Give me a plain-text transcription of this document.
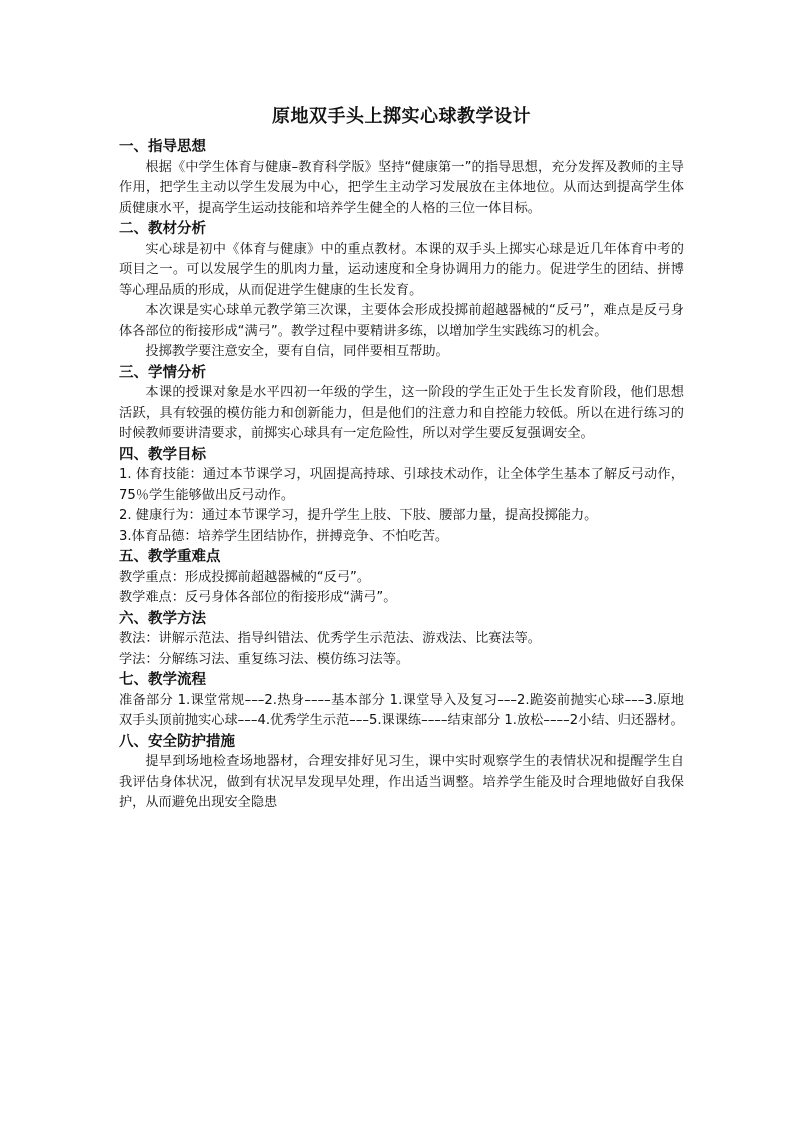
原地双手头上掷实心球教学设计

一、指导思想

根据《中学生体育与健康–教育科学版》坚持“健康第一”的指导思想，充分发挥及教师的主导作用，把学生主动以学生发展为中心，把学生主动学习发展放在主体地位。从而达到提高学生体质健康水平，提高学生运动技能和培养学生健全的人格的三位一体目标。

二、教材分析

实心球是初中《体育与健康》中的重点教材。本课的双手头上掷实心球是近几年体育中考的项目之一。可以发展学生的肌肉力量，运动速度和全身协调用力的能力。促进学生的团结、拼博等心理品质的形成，从而促进学生健康的生长发育。

本次课是实心球单元教学第三次课，主要体会形成投掷前超越器械的“反弓”，难点是反弓身体各部位的衔接形成“满弓”。教学过程中要精讲多练，以增加学生实践练习的机会。

投掷教学要注意安全，要有自信，同伴要相互帮助。

三、学情分析

本课的授课对象是水平四初一年级的学生，这一阶段的学生正处于生长发育阶段，他们思想活跃，具有较强的模仿能力和创新能力，但是他们的注意力和自控能力较低。所以在进行练习的时候教师要讲清要求，前掷实心球具有一定危险性，所以对学生要反复强调安全。

四、教学目标

1. 体育技能：通过本节课学习，巩固提高持球、引球技术动作，让全体学生基本了解反弓动作，75％学生能够做出反弓动作。

2. 健康行为：通过本节课学习，提升学生上肢、下肢、腰部力量，提高投掷能力。

3.体育品德：培养学生团结协作，拼搏竞争、不怕吃苦。

五、教学重难点

教学重点：形成投掷前超越器械的“反弓”。

教学难点：反弓身体各部位的衔接形成“满弓”。

六、教学方法

教法：讲解示范法、指导纠错法、优秀学生示范法、游戏法、比赛法等。

学法：分解练习法、重复练习法、模仿练习法等。

七、教学流程

准备部分 1.课堂常规–––2.热身––––基本部分 1.课堂导入及复习–––2.跪姿前抛实心球–––3.原地双手头顶前抛实心球–––4.优秀学生示范–––5.课课练––––结束部分 1.放松––––2小结、归还器材。

八、安全防护措施

提早到场地检查场地器材，合理安排好见习生，课中实时观察学生的表情状况和提醒学生自我评估身体状况，做到有状况早发现早处理，作出适当调整。培养学生能及时合理地做好自我保护，从而避免出现安全隐患
